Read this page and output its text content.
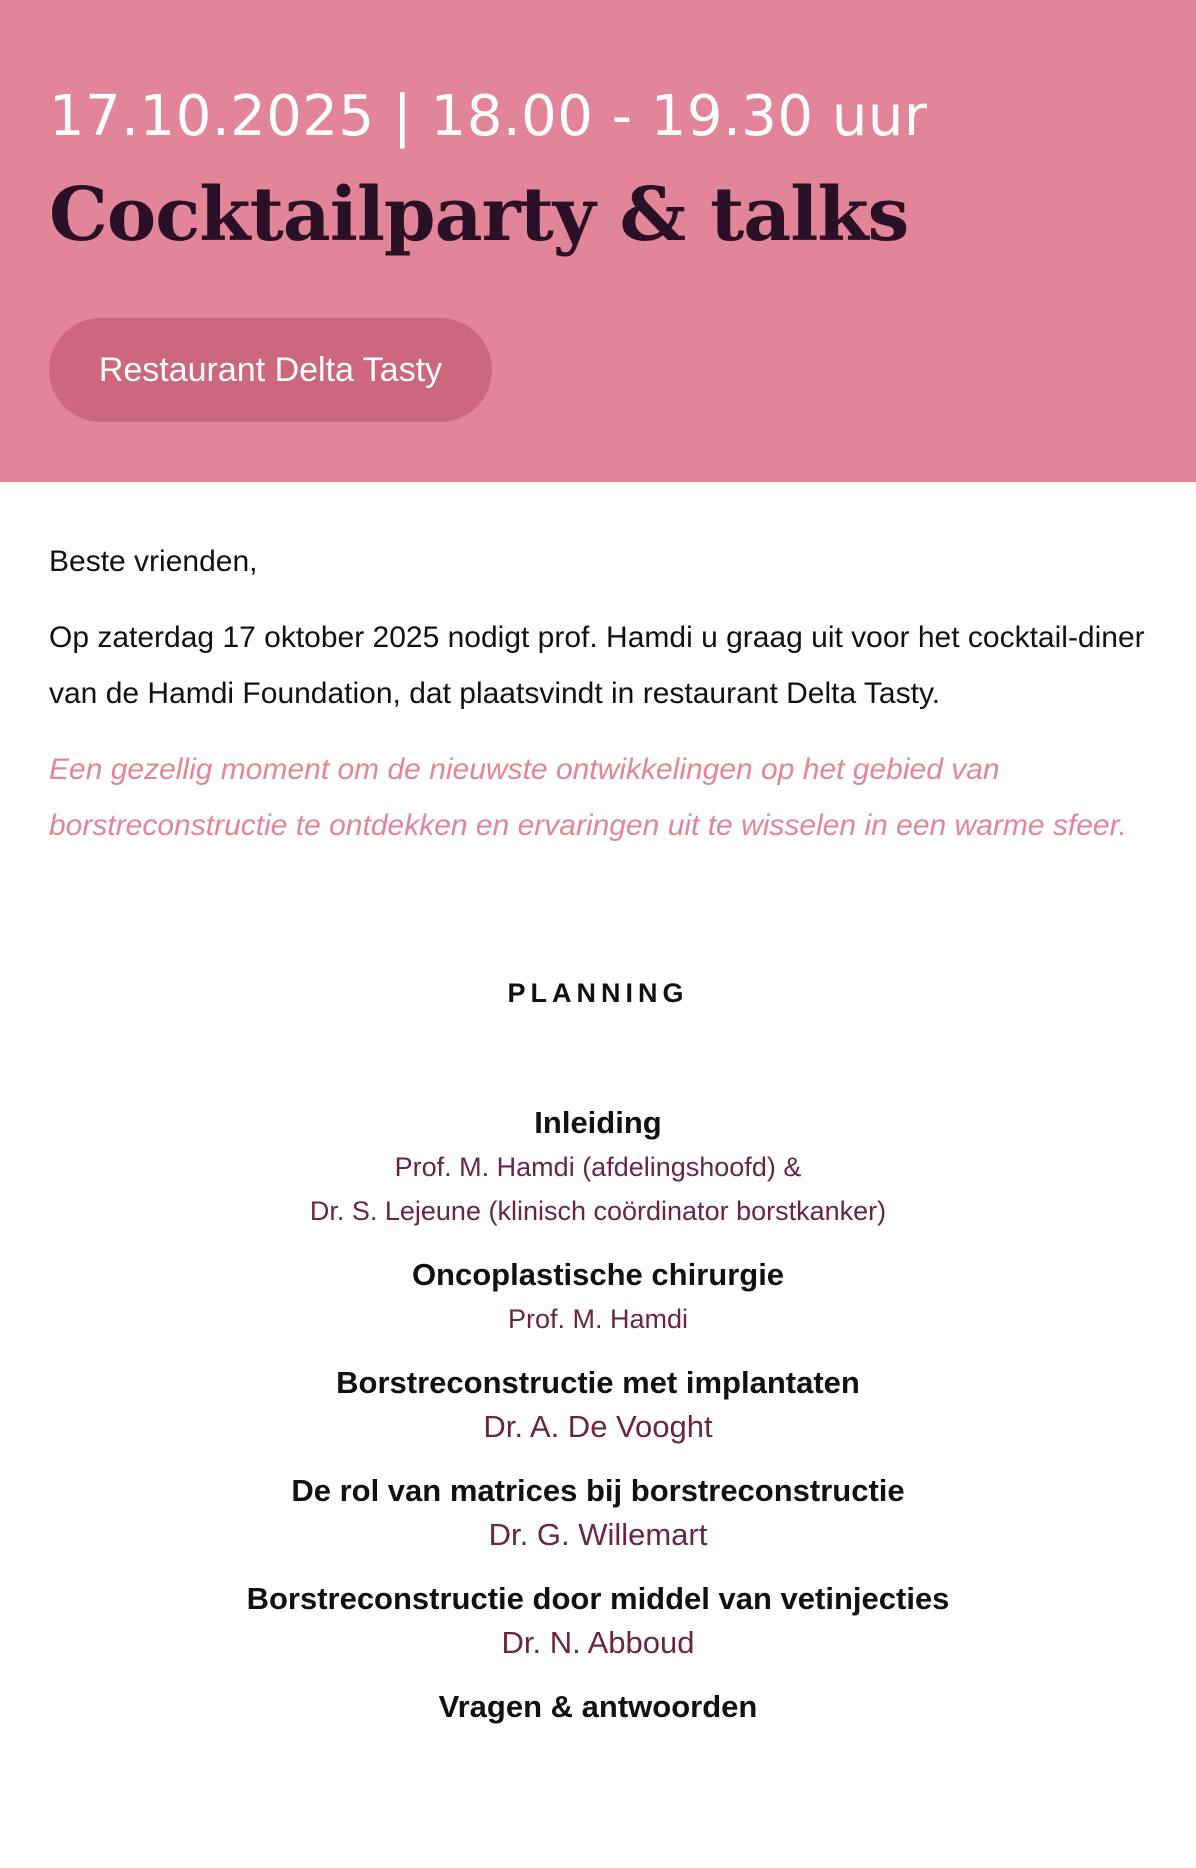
17.10.2025 | 18.00 - 19.30 uur
Cocktailparty & talks
Restaurant Delta Tasty

Beste vrienden,

Op zaterdag 17 oktober 2025 nodigt prof. Hamdi u graag uit voor het cocktail-diner van de Hamdi Foundation, dat plaatsvindt in restaurant Delta Tasty.

Een gezellig moment om de nieuwste ontwikkelingen op het gebied van borstreconstructie te ontdekken en ervaringen uit te wisselen in een warme sfeer.

PLANNING
Inleiding
Prof. M. Hamdi (afdelingshoofd) &
Dr. S. Lejeune (klinisch coördinator borstkanker)
Oncoplastische chirurgie
Prof. M. Hamdi
Borstreconstructie met implantaten
Dr. A. De Vooght
De rol van matrices bij borstreconstructie
Dr. G. Willemart
Borstreconstructie door middel van vetinjecties
Dr. N. Abboud
Vragen & antwoorden
